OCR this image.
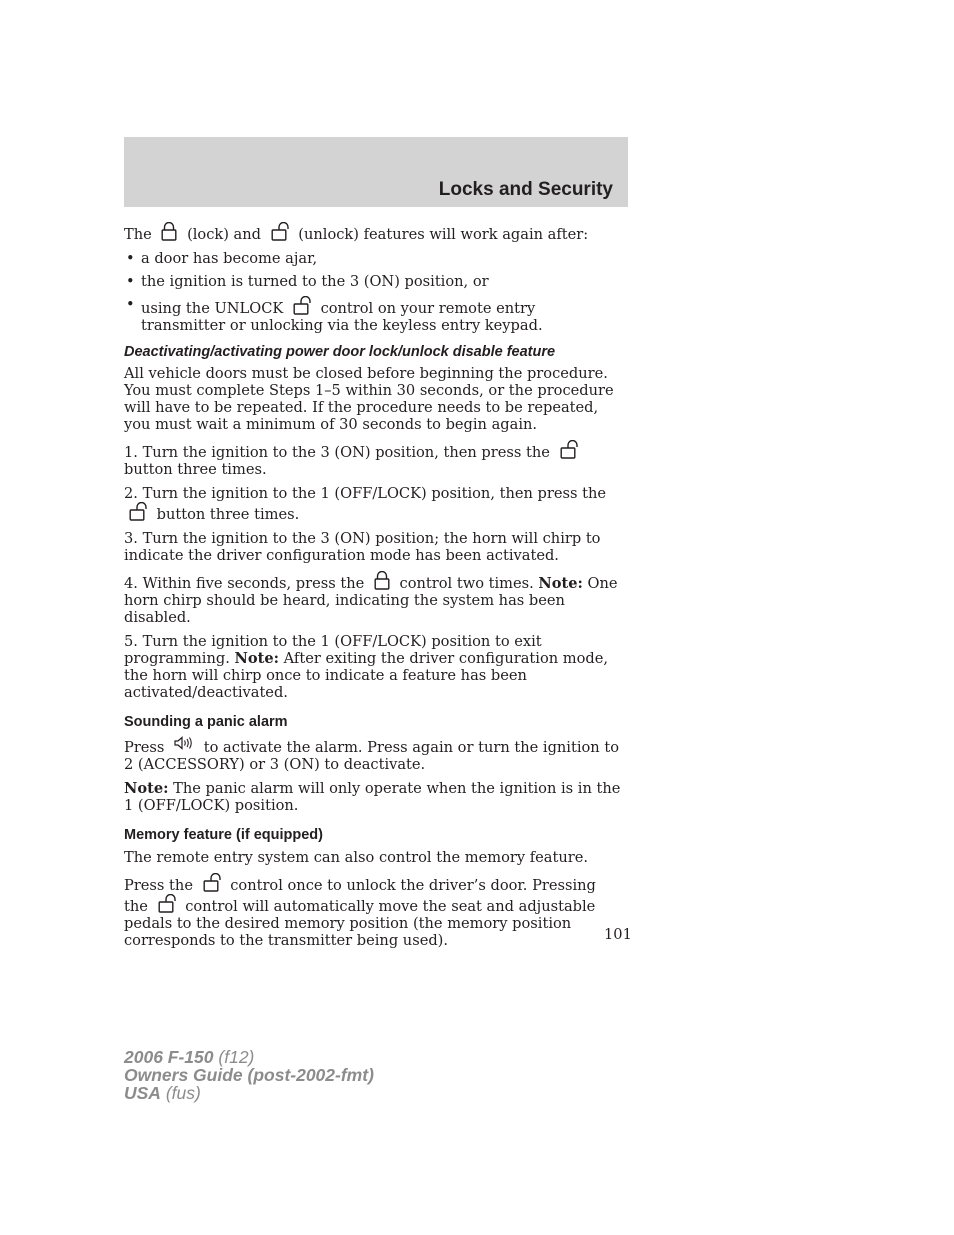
Locks and Security

The (lock) and	(unlock) features will work again after:

• a door has become ajar,
• the ignition is turned to the 3 (ON) position, or
• using the UNLOCK	control on your remote entry transmitter or unlocking via the keyless entry keypad.
Deactivating/activating power door lock/unlock disable feature

All vehicle doors must be closed before beginning the procedure. You must complete Steps 1–5 within 30 seconds, or the procedure will have to be repeated. If the procedure needs to be repeated, you must wait a minimum of 30 seconds to begin again.

1. Turn the ignition to the 3 (ON) position, then press the
button three times.

2. Turn the ignition to the 1 (OFF/LOCK) position, then press the
button three times.

3. Turn the ignition to the 3 (ON) position; the horn will chirp to indicate the driver configuration mode has been activated.

4. Within five seconds, press the control two times. Note: One horn chirp should be heard, indicating the system has been disabled.

5. Turn the ignition to the 1 (OFF/LOCK) position to exit programming. Note: After exiting the driver configuration mode, the horn will chirp once to indicate a feature has been activated/deactivated.

Sounding a panic alarm

Press	to activate the alarm. Press again or turn the ignition to 2 (ACCESSORY) or 3 (ON) to deactivate.

Note: The panic alarm will only operate when the ignition is in the 1 (OFF/LOCK) position.

Memory feature (if equipped)

The remote entry system can also control the memory feature.

Press the	control once to unlock the driver’s door. Pressing the	control will automatically move the seat and adjustable pedals to the desired memory position (the memory position corresponds to the transmitter being used).	101
2006 F-150 (f12)
Owners Guide (post-2002-fmt)
USA (fus)
